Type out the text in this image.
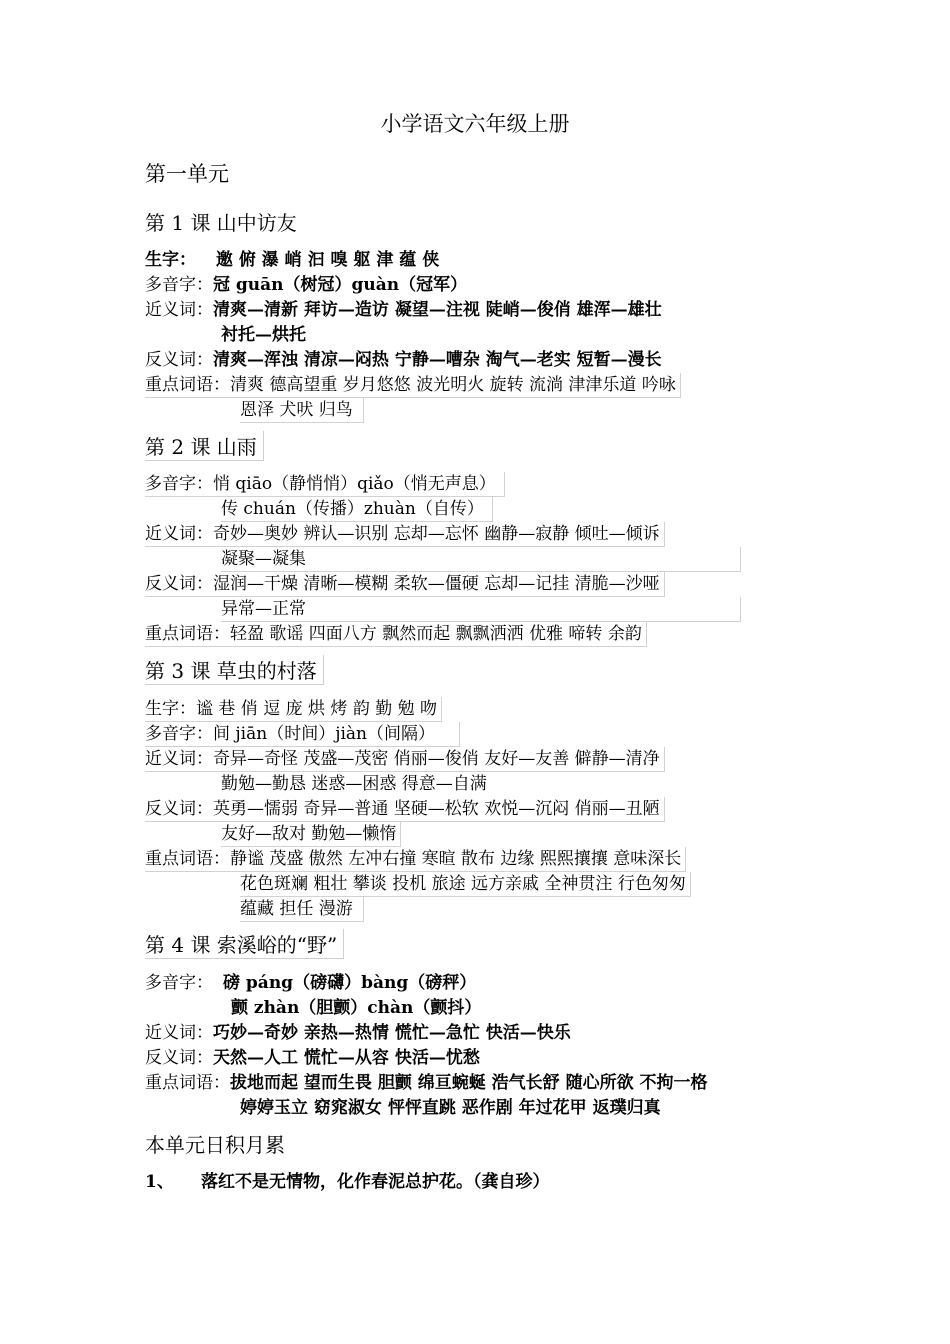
小学语文六年级上册
第一单元
第 1 课 山中访友
生字： 邀 俯 瀑 峭 汩 嗅 躯 津 蕴 侠
多音字：冠 guān（树冠）guàn（冠军）
近义词：清爽—清新 拜访—造访 凝望—注视 陡峭—俊俏 雄浑—雄壮
衬托—烘托
反义词：清爽—浑浊 清凉—闷热 宁静—嘈杂 淘气—老实 短暂—漫长
重点词语：清爽 德高望重 岁月悠悠 波光明火 旋转 流淌 津津乐道 吟咏
恩泽 犬吠 归鸟
第 2 课 山雨
多音字：悄 qiāo（静悄悄）qiǎo（悄无声息）
传 chuán（传播）zhuàn（自传）
近义词：奇妙—奥妙 辨认—识别 忘却—忘怀 幽静—寂静 倾吐—倾诉
凝聚—凝集
反义词：湿润—干燥 清晰—模糊 柔软—僵硬 忘却—记挂 清脆—沙哑
异常—正常
重点词语：轻盈 歌谣 四面八方 飘然而起 飘飘洒洒 优雅 啼转 余韵
第 3 课 草虫的村落
生字：谧 巷 俏 逗 庞 烘 烤 韵 勤 勉 吻
多音字：间 jiān（时间）jiàn（间隔）
近义词：奇异—奇怪 茂盛—茂密 俏丽—俊俏 友好—友善 僻静—清净
勤勉—勤恳 迷惑—困惑 得意—自满
反义词：英勇—懦弱 奇异—普通 坚硬—松软 欢悦—沉闷 俏丽—丑陋
友好—敌对 勤勉—懒惰
重点词语：静谧 茂盛 傲然 左冲右撞 寒暄 散布 边缘 熙熙攘攘 意味深长
花色斑斓 粗壮 攀谈 投机 旅途 远方亲戚 全神贯注 行色匆匆
蕴藏 担任 漫游
第 4 课 索溪峪的“野”
多音字： 磅 páng（磅礴）bàng（磅秤）
颤 zhàn（胆颤）chàn（颤抖）
近义词：巧妙—奇妙 亲热—热情 慌忙—急忙 快活—快乐
反义词：天然—人工 慌忙—从容 快活—忧愁
重点词语：拔地而起 望而生畏 胆颤 绵亘蜿蜒 浩气长舒 随心所欲 不拘一格
婷婷玉立 窈窕淑女 怦怦直跳 恶作剧 年过花甲 返璞归真
本单元日积月累
1、 落红不是无情物，化作春泥总护花。（龚自珍）
